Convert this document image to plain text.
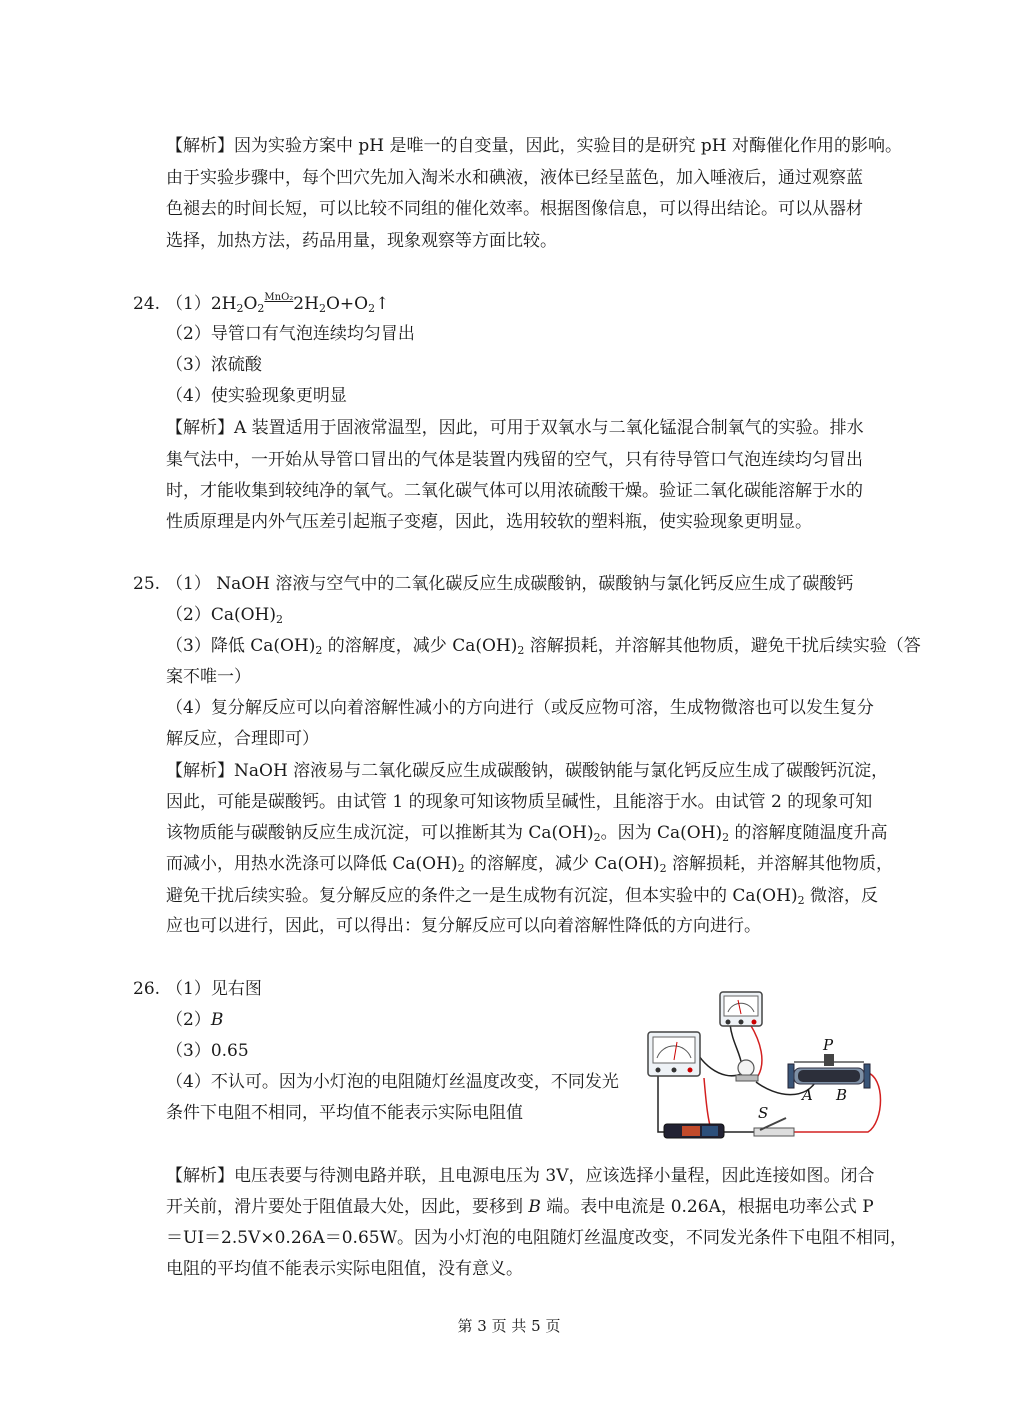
【解析】因为实验方案中 pH 是唯一的自变量，因此，实验目的是研究 pH 对酶催化作用的影响。
由于实验步骤中，每个凹穴先加入淘米水和碘液，液体已经呈蓝色，加入唾液后，通过观察蓝
色褪去的时间长短，可以比较不同组的催化效率。根据图像信息，可以得出结论。可以从器材
选择，加热方法，药品用量，现象观察等方面比较。
24. $(1)2H_2O_2^{MnO_2}2H_2O+O_2↑$
（2）导管口有气泡连续均匀冒出
（3）浓硫酸
（4）使实验现象更明显
【解析】A 装置适用于固液常温型，因此，可用于双氧水与二氧化锰混合制氧气的实验。排水
集气法中，一开始从导管口冒出的气体是装置内残留的空气，只有待导管口气泡连续均匀冒出
时，才能收集到较纯净的氧气。二氧化碳气体可以用浓硫酸干燥。验证二氧化碳能溶解于水的
性质原理是内外气压差引起瓶子变瘪，因此，选用较软的塑料瓶，使实验现象更明显。
25. （1） NaOH 溶液与空气中的二氧化碳反应生成碳酸钠，碳酸钠与氯化钙反应生成了碳酸钙
$(2)Ca(OH)_2$
（3）降低 $Ca(OH)_2$ 的溶解度，减少 $Ca(OH)_2$ 溶解损耗，并溶解其他物质，避免干扰后续实验（答
案不唯一）
（4）复分解反应可以向着溶解性减小的方向进行（或反应物可溶，生成物微溶也可以发生复分
解反应，合理即可）
【解析】NaOH 溶液易与二氧化碳反应生成碳酸钠，碳酸钠能与氯化钙反应生成了碳酸钙沉淀，
因此，可能是碳酸钙。由试管 1 的现象可知该物质呈碱性，且能溶于水。由试管 2 的现象可知
该物质能与碳酸钠反应生成沉淀，可以推断其为 $Ca(OH)_2$。因为 $Ca(OH)_2$ 的溶解度随温度升高
而减小，用热水洗涤可以降低 $Ca(OH)_2$ 的溶解度，减少 $Ca(OH)_2$ 溶解损耗，并溶解其他物质，
避免干扰后续实验。复分解反应的条件之一是生成物有沉淀，但本实验中的 $Ca(OH)_2$ 微溶，反
应也可以进行，因此，可以得出：复分解反应可以向着溶解性降低的方向进行。
26. （1）见右图
（2）B
（3）0.65
（4）不认可。因为小灯泡的电阻随灯丝温度改变，不同发光
条件下电阻不相同，平均值不能表示实际电阻值
P
A B
S
【解析】电压表要与待测电路并联，且电源电压为 3V，应该选择小量程，因此连接如图。闭合
开关前，滑片要处于阻值最大处，因此，要移到 B 端。表中电流是 0.26A，根据电功率公式 P
＝UI＝2.5V×0.26A＝0.65W。因为小灯泡的电阻随灯丝温度改变，不同发光条件下电阻不相同，
电阻的平均值不能表示实际电阻值，没有意义。
第 3 页 共 5 页
